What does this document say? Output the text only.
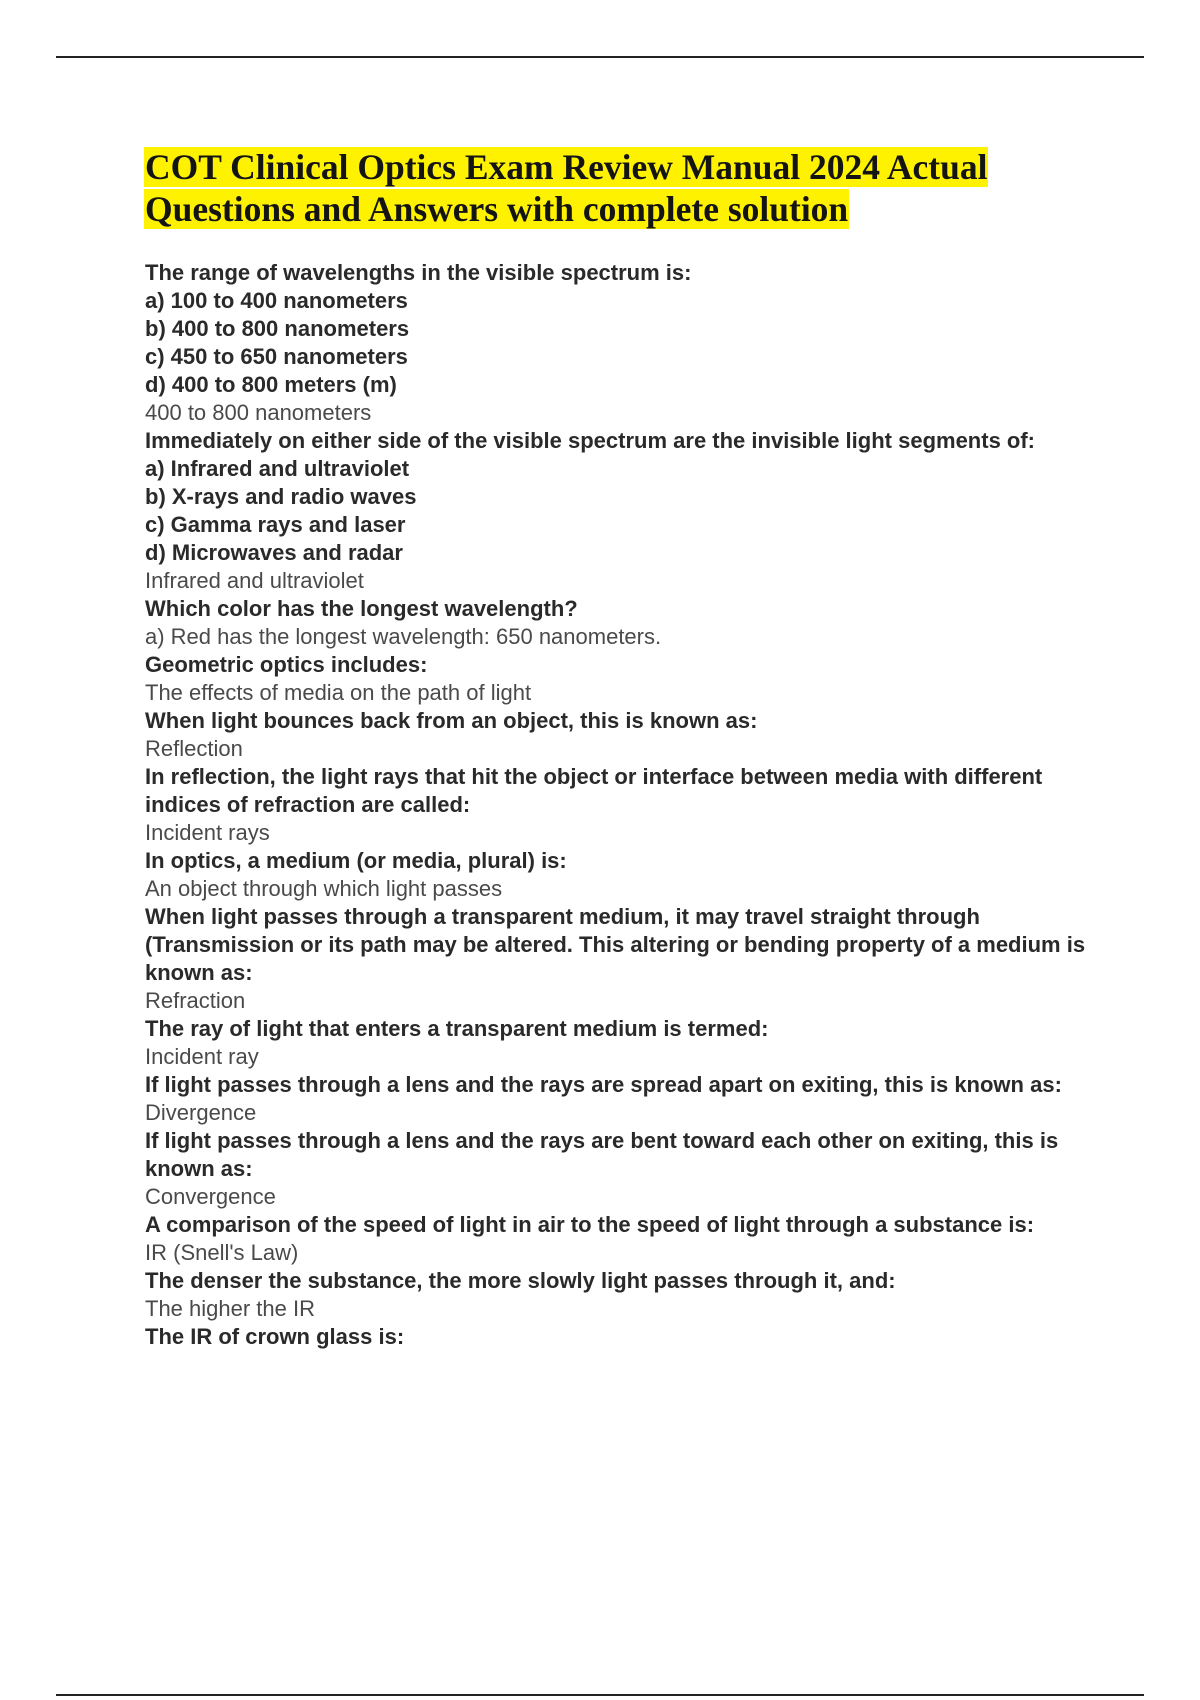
COT Clinical Optics Exam Review Manual 2024 Actual
Questions and Answers with complete solution

The range of wavelengths in the visible spectrum is:

a) 100 to 400 nanometers

b) 400 to 800 nanometers

c) 450 to 650 nanometers

d) 400 to 800 meters (m)

400 to 800 nanometers

Immediately on either side of the visible spectrum are the invisible light segments of:

a) Infrared and ultraviolet

b) X-rays and radio waves

c) Gamma rays and laser

d) Microwaves and radar

Infrared and ultraviolet

Which color has the longest wavelength?

a) Red has the longest wavelength: 650 nanometers.

Geometric optics includes:

The effects of media on the path of light

When light bounces back from an object, this is known as:

Reflection

In reflection, the light rays that hit the object or interface between media with different indices of refraction are called:

Incident rays

In optics, a medium (or media, plural) is:

An object through which light passes

When light passes through a transparent medium, it may travel straight through (Transmission or its path may be altered. This altering or bending property of a medium is known as:

Refraction

The ray of light that enters a transparent medium is termed:

Incident ray

If light passes through a lens and the rays are spread apart on exiting, this is known as:

Divergence

If light passes through a lens and the rays are bent toward each other on exiting, this is known as:

Convergence

A comparison of the speed of light in air to the speed of light through a substance is:

IR (Snell's Law)

The denser the substance, the more slowly light passes through it, and:

The higher the IR

The IR of crown glass is:
